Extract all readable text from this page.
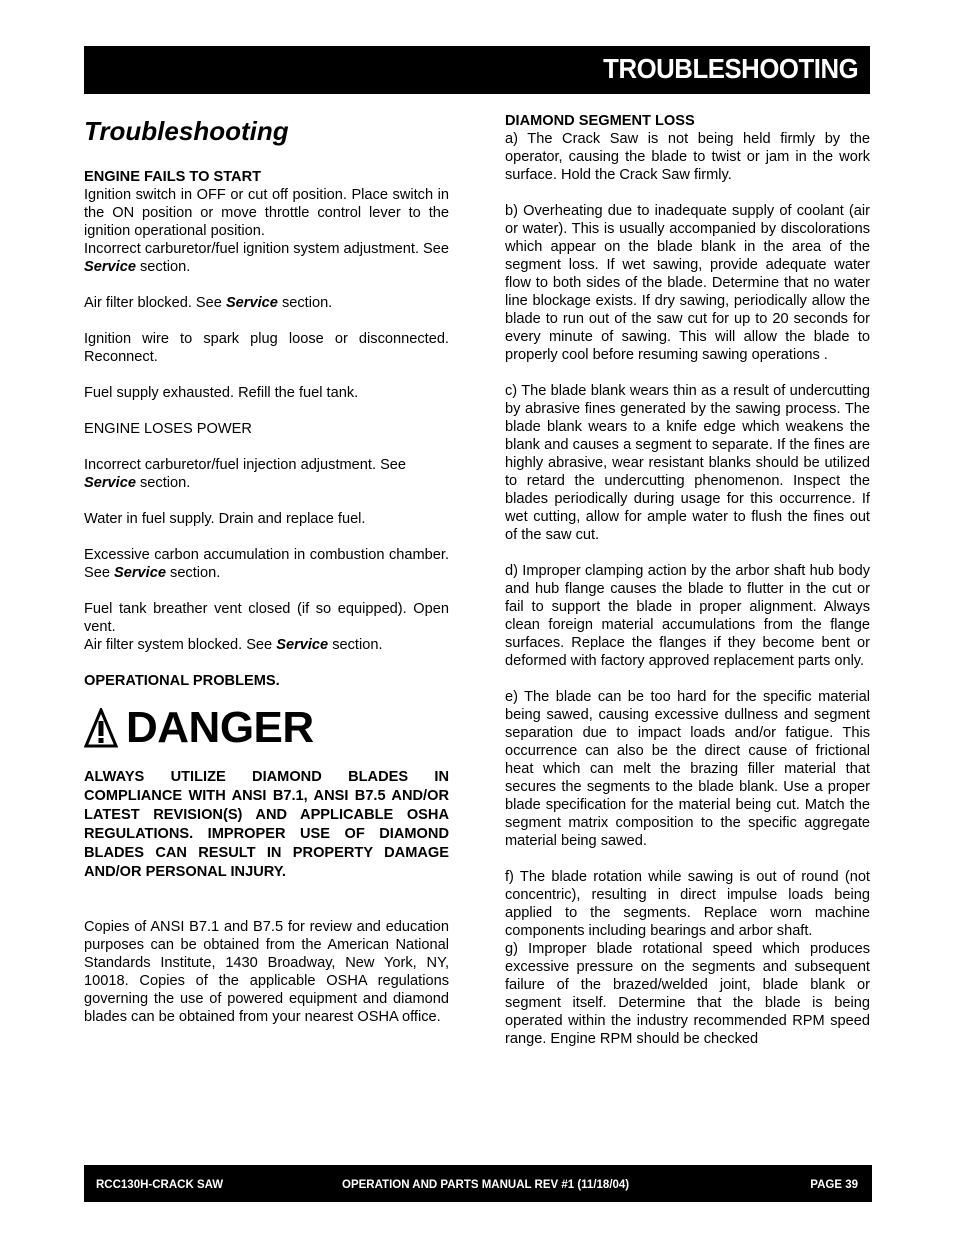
TROUBLESHOOTING
Troubleshooting

ENGINE FAILS TO START

Ignition switch in OFF or cut off position. Place switch in the ON position or move throttle control lever to the ignition operational position.

Incorrect carburetor/fuel ignition system adjustment. See Service section.

Air filter blocked. See Service section.

Ignition wire to spark plug loose or disconnected. Reconnect.

Fuel supply exhausted. Refill the fuel tank.

ENGINE LOSES POWER

Incorrect carburetor/fuel injection adjustment. See Service section.

Water in fuel supply. Drain and replace fuel.

Excessive carbon accumulation in combustion chamber. See Service section.

Fuel tank breather vent closed (if so equipped). Open vent.

Air filter system blocked. See Service section.

OPERATIONAL PROBLEMS.

DANGER

ALWAYS UTILIZE DIAMOND BLADES IN COMPLIANCE WITH ANSI B7.1, ANSI B7.5 AND/OR LATEST REVISION(S) AND APPLICABLE OSHA REGULATIONS. IMPROPER USE OF DIAMOND BLADES CAN RESULT IN PROPERTY DAMAGE AND/OR PERSONAL INJURY.

Copies of ANSI B7.1 and B7.5 for review and education purposes can be obtained from the American National Standards Institute, 1430 Broadway, New York, NY, 10018. Copies of the applicable OSHA regulations governing the use of powered equipment and diamond blades can be obtained from your nearest OSHA office.

DIAMOND SEGMENT LOSS

a) The Crack Saw is not being held firmly by the operator, causing the blade to twist or jam in the work surface. Hold the Crack Saw firmly.

b) Overheating due to inadequate supply of coolant (air or water). This is usually accompanied by discolorations which appear on the blade blank in the area of the segment loss. If wet sawing, provide adequate water flow to both sides of the blade. Determine that no water line blockage exists. If dry sawing, periodically allow the blade to run out of the saw cut for up to 20 seconds for every minute of sawing. This will allow the blade to properly cool before resuming sawing operations .

c) The blade blank wears thin as a result of undercutting by abrasive fines generated by the sawing process. The blade blank wears to a knife edge which weakens the blank and causes a segment to separate. If the fines are highly abrasive, wear resistant blanks should be utilized to retard the undercutting phenomenon. Inspect the blades periodically during usage for this occurrence. If wet cutting, allow for ample water to flush the fines out of the saw cut.

d) Improper clamping action by the arbor shaft hub body and hub flange causes the blade to flutter in the cut or fail to support the blade in proper alignment. Always clean foreign material accumulations from the flange surfaces. Replace the flanges if they become bent or deformed with factory approved replacement parts only.

e) The blade can be too hard for the specific material being sawed, causing excessive dullness and segment separation due to impact loads and/or fatigue. This occurrence can also be the direct cause of frictional heat which can melt the brazing filler material that secures the segments to the blade blank. Use a proper blade specification for the material being cut. Match the segment matrix composition to the specific aggregate material being sawed.

f) The blade rotation while sawing is out of round (not concentric), resulting in direct impulse loads being applied to the segments. Replace worn machine components including bearings and arbor shaft.

g) Improper blade rotational speed which produces excessive pressure on the segments and subsequent failure of the brazed/welded joint, blade blank or segment itself. Determine that the blade is being operated within the industry recommended RPM speed range. Engine RPM should be checked

RCC130H-CRACK SAW	OPERATION AND PARTS MANUAL REV #1 (11/18/04)	PAGE 39
